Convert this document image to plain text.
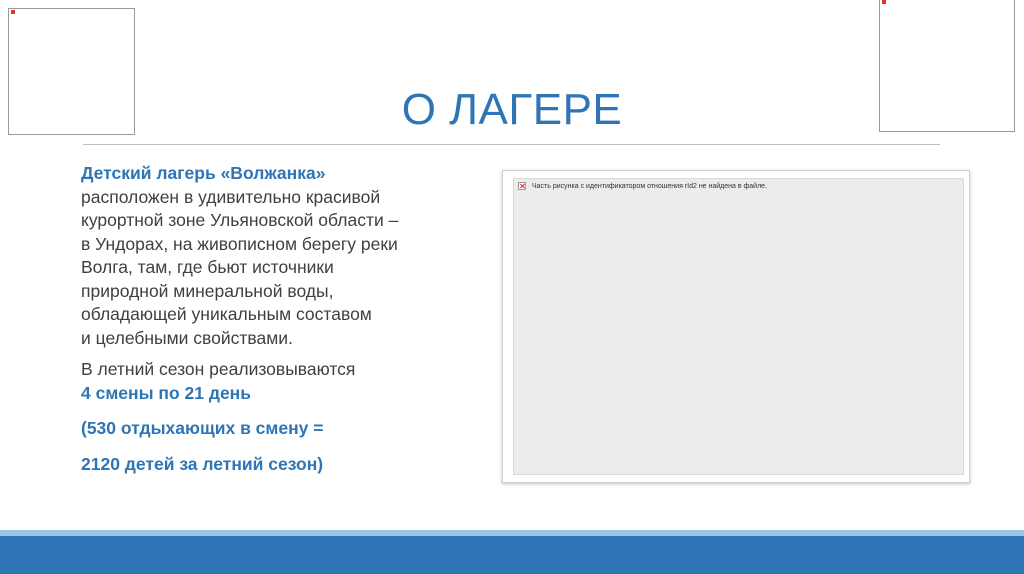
О ЛАГЕРЕ

Детский лагерь «Волжанка»
расположен в удивительно красивой
курортной зоне Ульяновской области –
в Ундорах, на живописном берегу реки
Волга, там, где бьют источники
природной минеральной воды,
обладающей уникальным составом
и целебными свойствами.

В летний сезон реализовываются
4 смены по 21 день

(530 отдыхающих в смену =

2120 детей за летний сезон)

Часть рисунка с идентификатором отношения rId2 не найдена в файле.
